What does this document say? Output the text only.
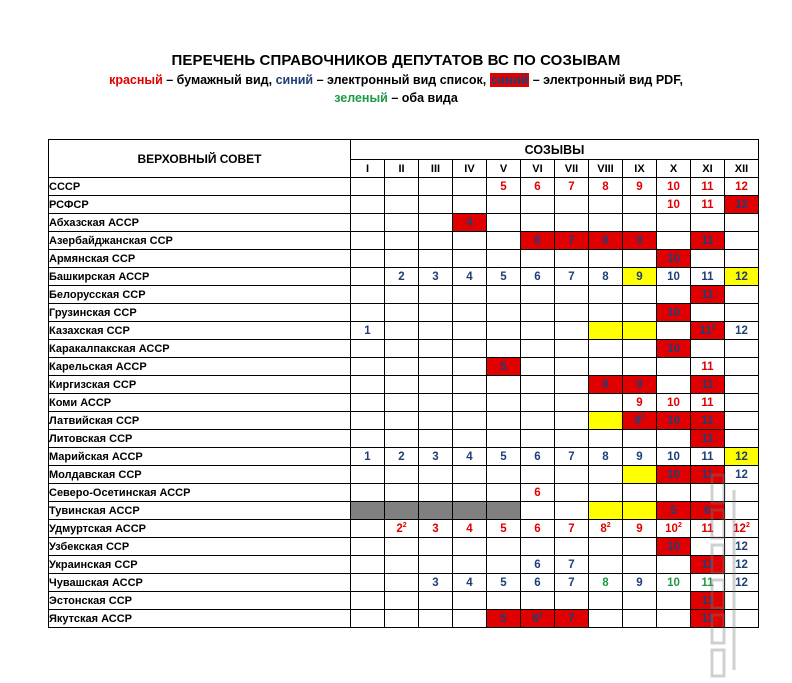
ПЕРЕЧЕНЬ СПРАВОЧНИКОВ ДЕПУТАТОВ ВС ПО СОЗЫВАМ
красный – бумажный вид, синий – электронный вид список, синий – электронный вид PDF,
зеленый – оба вида
ВЕРХОВНЫЙ СОВЕТ	СОЗЫВЫ											
	I	II	III	IV	V	VI	VII	VIII	IX	X	XI	XII
СССР					5	6	7	8	9	10	11	12
РСФСР										10	11	12
Абхазская АССР				4								
Азербайджанская ССР						6	7	8	9		11	
Армянская ССР										10		
Башкирская АССР		2	3	4	5	6	7	8	9	10	11	12
Белорусская ССР											11	
Грузинская ССР										10		
Казахская ССР	1										$11^2$	12
Каракалпакская АССР										10		
Карельская АССР					5						11	
Киргизская ССР								8	9		11	
Коми АССР									9	10	11	
Латвийская ССР									$9^2$	10	11	
Литовская ССР											11	
Марийская АССР	1	2	3	4	5	6	7	8	9	10	11	12
Молдавская ССР										10	11	12
Северо-Осетинская АССР						6						
Тувинская АССР										5	6	
Удмуртская АССР		$2^2$	3	4	5	6	7	$8^2$	9	$10^2$	11	$12^2$
Узбекская ССР										10		12
Украинская ССР						6	7				11	12
Чувашская АССР			3	4	5	6	7	8	9	10	11	12
Эстонская ССР											11	
Якутская АССР					5	$6^2$	7				11	
